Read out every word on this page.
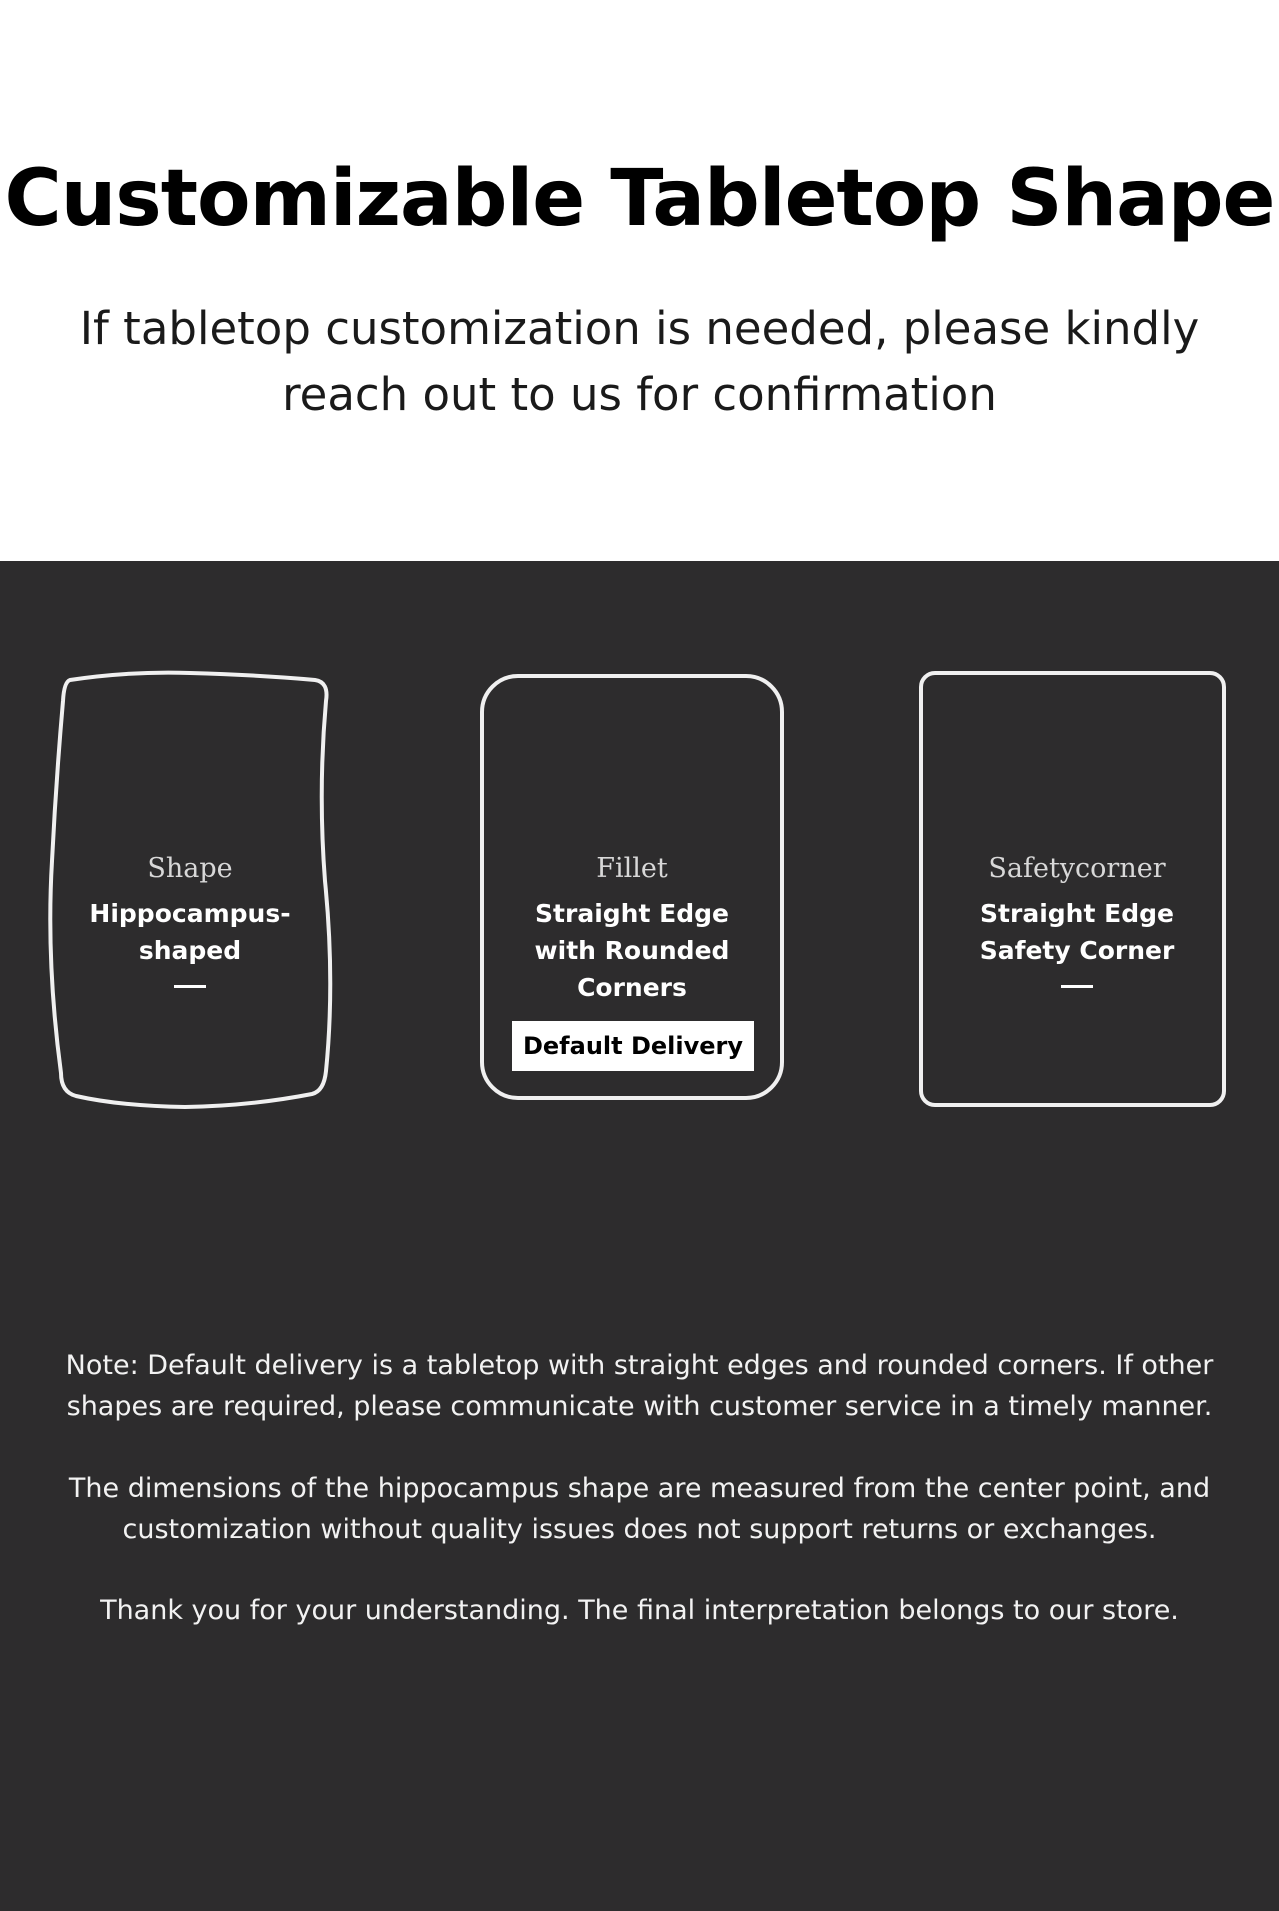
Customizable Tabletop Shape
If tabletop customization is needed, please kindly reach out to us for confirmation
Shape
Hippocampus-shaped
Fillet
Straight Edge with Rounded Corners
Default Delivery
Safetycorner
Straight Edge Safety Corner
Note: Default delivery is a tabletop with straight edges and rounded corners. If other shapes are required, please communicate with customer service in a timely manner.
The dimensions of the hippocampus shape are measured from the center point, and customization without quality issues does not support returns or exchanges.
Thank you for your understanding. The final interpretation belongs to our store.
